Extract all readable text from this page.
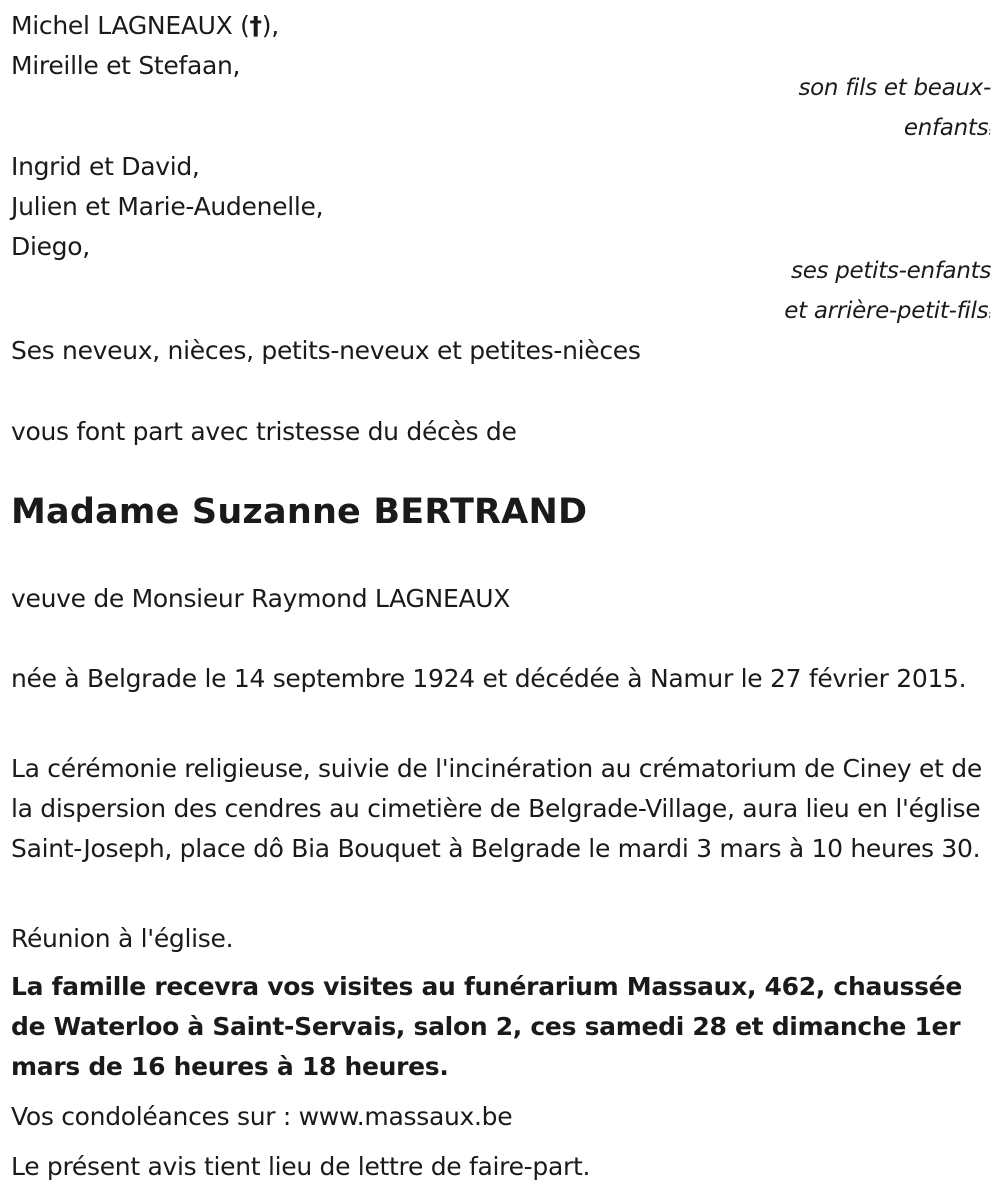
Michel LAGNEAUX (†),
Mireille et Stefaan,
son fils et beaux-
enfants;
Ingrid et David,
Julien et Marie-Audenelle,
Diego,
ses petits-enfants
et arrière-petit-fils;
Ses neveux, nièces, petits-neveux et petites-nièces
vous font part avec tristesse du décès de
Madame Suzanne BERTRAND
veuve de Monsieur Raymond LAGNEAUX
née à Belgrade le 14 septembre 1924 et décédée à Namur le 27 février 2015.
La cérémonie religieuse, suivie de l'incinération au crématorium de Ciney et de la dispersion des cendres au cimetière de Belgrade-Village, aura lieu en l'église Saint-Joseph, place dô Bia Bouquet à Belgrade le mardi 3 mars à 10 heures 30.
Réunion à l'église.
La famille recevra vos visites au funérarium Massaux, 462, chaussée de Waterloo à Saint-Servais, salon 2, ces samedi 28 et dimanche 1er mars de 16 heures à 18 heures.
Vos condoléances sur : www.massaux.be
Le présent avis tient lieu de lettre de faire-part.
